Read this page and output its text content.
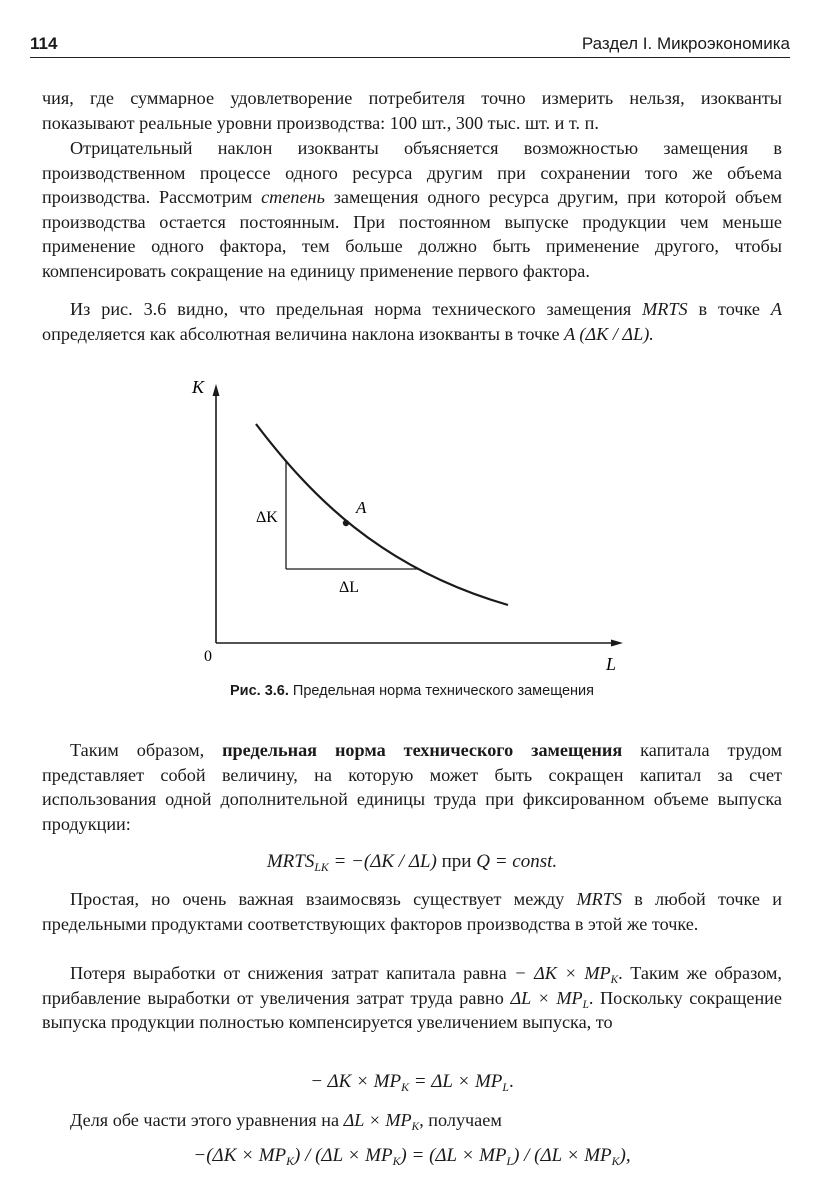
114	Раздел I. Микроэкономика

чия, где суммарное удовлетворение потребителя точно измерить нельзя, изокванты показывают реальные уровни производства: 100 шт., 300 тыс. шт. и т. п.

Отрицательный наклон изокванты объясняется возможностью замещения в производственном процессе одного ресурса другим при сохранении того же объема производства. Рассмотрим степень замещения одного ресурса другим, при которой объем производства остается постоянным. При постоянном выпуске продукции чем меньше применение одного фактора, тем больше должно быть применение другого, чтобы компенсировать сокращение на единицу применение первого фактора.

Из рис. 3.6 видно, что предельная норма технического замещения MRTS в точке A определяется как абсолютная величина наклона изокванты в точке A (ΔK / ΔL).

K
L
0
ΔK
ΔL
A
Рис. 3.6. Предельная норма технического замещения

Таким образом, предельная норма технического замещения капитала трудом представляет собой величину, на которую может быть сокращен капитал за счет использования одной дополнительной единицы труда при фиксированном объеме выпуска продукции:

$MRTS_{LK} = -(\Delta K / \Delta L)$ при Q = const.

Простая, но очень важная взаимосвязь существует между MRTS в любой точке и предельными продуктами соответствующих факторов производства в этой же точке.

Потеря выработки от снижения затрат капитала равна − $\Delta K \times MP_K$. Таким же образом, прибавление выработки от увеличения затрат труда равно $\Delta L \times MP_L$. Поскольку сокращение выпуска продукции полностью компенсируется увеличением выпуска, то

− $\Delta K \times MP_K = \Delta L \times MP_L$.

Деля обе части этого уравнения на $\Delta L \times MP_K$, получаем

$-(\Delta K \times MP_K) / (\Delta L \times MP_K) = (\Delta L \times MP_L) / (\Delta L \times MP_K)$,
